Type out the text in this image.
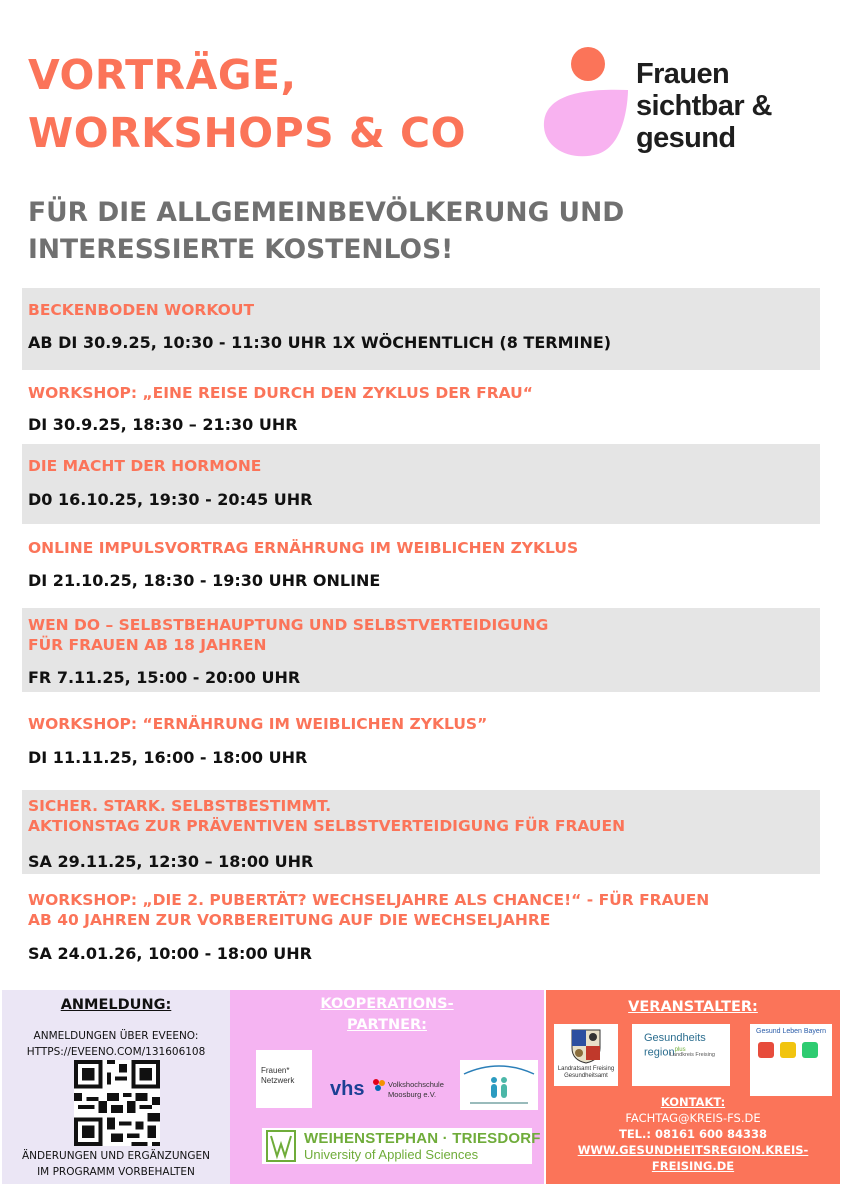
VORTRÄGE,
WORKSHOPS & CO
Frauen
sichtbar &
gesund
FÜR DIE ALLGEMEINBEVÖLKERUNG UND
INTERESSIERTE KOSTENLOS!
BECKENBODEN WORKOUT
AB DI 30.9.25, 10:30 - 11:30 UHR 1X WÖCHENTLICH (8 TERMINE)
WORKSHOP: „EINE REISE DURCH DEN ZYKLUS DER FRAU“
DI 30.9.25, 18:30 – 21:30 UHR
DIE MACHT DER HORMONE
D0 16.10.25, 19:30 - 20:45 UHR
ONLINE IMPULSVORTRAG ERNÄHRUNG IM WEIBLICHEN ZYKLUS
DI 21.10.25, 18:30 - 19:30 UHR ONLINE
WEN DO – SELBSTBEHAUPTUNG UND SELBSTVERTEIDIGUNG
FÜR FRAUEN AB 18 JAHREN
FR 7.11.25, 15:00 - 20:00 UHR
WORKSHOP: “ERNÄHRUNG IM WEIBLICHEN ZYKLUS”
DI 11.11.25, 16:00 - 18:00 UHR
SICHER. STARK. SELBSTBESTIMMT.
AKTIONSTAG ZUR PRÄVENTIVEN SELBSTVERTEIDIGUNG FÜR FRAUEN
SA 29.11.25, 12:30 – 18:00 UHR
WORKSHOP: „DIE 2. PUBERTÄT? WECHSELJAHRE ALS CHANCE!“ - FÜR FRAUEN
AB 40 JAHREN ZUR VORBEREITUNG AUF DIE WECHSELJAHRE
SA 24.01.26, 10:00 - 18:00 UHR
ANMELDUNG:
ANMELDUNGEN ÜBER EVEENO:
HTTPS://EVEENO.COM/131606108
ÄNDERUNGEN UND ERGÄNZUNGEN
IM PROGRAMM VORBEHALTEN
KOOPERATIONS-
PARTNER:
Frauen*
Netzwerk	vhs	Volkshochschule
Moosburg e.V.
WEIHENSTEPHAN · TRIESDORF
University of Applied Sciences
VERANSTALTER:
Landratsamt Freising
Gesundheitsamt
Gesundheits
region$^{plus}$
Landkreis Freising
Gesund Leben Bayern
KONTAKT:
FACHTAG@KREIS-FS.DE
TEL.: 08161 600 84338
WWW.GESUNDHEITSREGION.KREIS-
FREISING.DE
